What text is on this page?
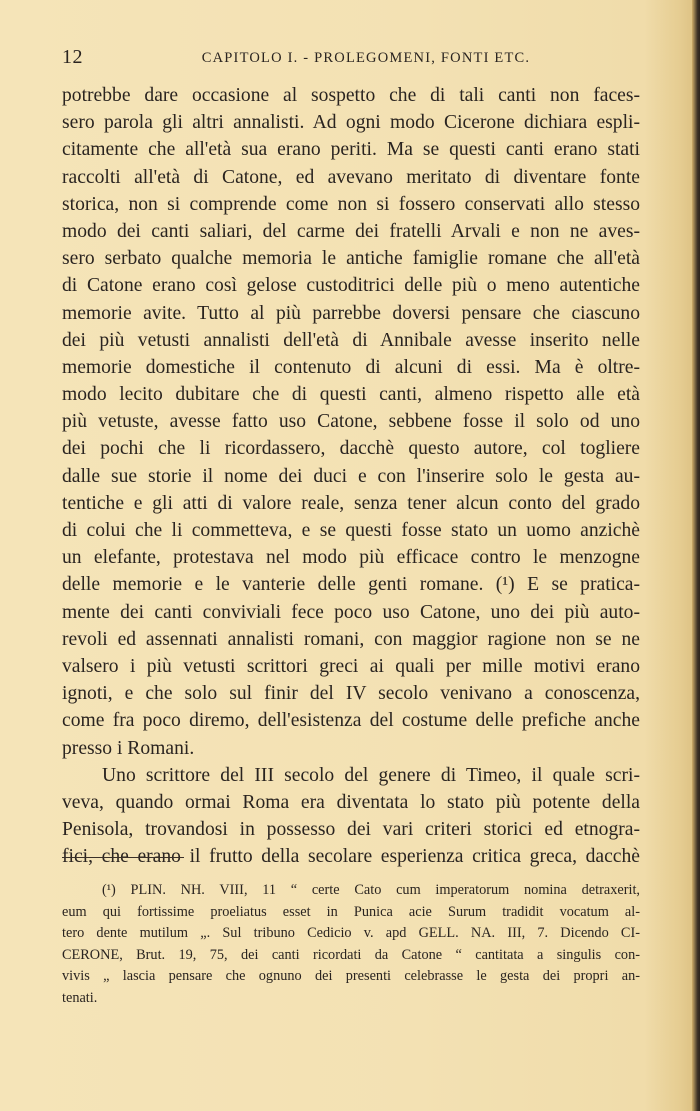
12	CAPITOLO I. - PROLEGOMENI, FONTI ETC.
potrebbe dare occasione al sospetto che di tali canti non faces-
sero parola gli altri annalisti. Ad ogni modo Cicerone dichiara espli-
citamente che all'età sua erano periti. Ma se questi canti erano stati
raccolti all'età di Catone, ed avevano meritato di diventare fonte
storica, non si comprende come non si fossero conservati allo stesso
modo dei canti saliari, del carme dei fratelli Arvali e non ne aves-
sero serbato qualche memoria le antiche famiglie romane che all'età
di Catone erano così gelose custoditrici delle più o meno autentiche
memorie avite. Tutto al più parrebbe doversi pensare che ciascuno
dei più vetusti annalisti dell'età di Annibale avesse inserito nelle
memorie domestiche il contenuto di alcuni di essi. Ma è oltre-
modo lecito dubitare che di questi canti, almeno rispetto alle età
più vetuste, avesse fatto uso Catone, sebbene fosse il solo od uno
dei pochi che li ricordassero, dacchè questo autore, col togliere
dalle sue storie il nome dei duci e con l'inserire solo le gesta au-
tentiche e gli atti di valore reale, senza tener alcun conto del grado
di colui che li commetteva, e se questi fosse stato un uomo anzichè
un elefante, protestava nel modo più efficace contro le menzogne
delle memorie e le vanterie delle genti romane. (¹) E se pratica-
mente dei canti conviviali fece poco uso Catone, uno dei più auto-
revoli ed assennati annalisti romani, con maggior ragione non se ne
valsero i più vetusti scrittori greci ai quali per mille motivi erano
ignoti, e che solo sul finir del IV secolo venivano a conoscenza,
come fra poco diremo, dell'esistenza del costume delle prefiche anche
presso i Romani.
Uno scrittore del III secolo del genere di Timeo, il quale scri-
veva, quando ormai Roma era diventata lo stato più potente della
Penisola, trovandosi in possesso dei vari criteri storici ed etnogra-
fici, che erano il frutto della secolare esperienza critica greca, dacchè
(¹) PLIN. NH. VIII, 11 “ certe Cato cum imperatorum nomina detraxerit,
eum qui fortissime proeliatus esset in Punica acie Surum tradidit vocatum al-
tero dente mutilum „. Sul tribuno Cedicio v. apd GELL. NA. III, 7. Dicendo CI-
CERONE, Brut. 19, 75, dei canti ricordati da Catone “ cantitata a singulis con-
vivis „ lascia pensare che ognuno dei presenti celebrasse le gesta dei propri an-
tenati.
